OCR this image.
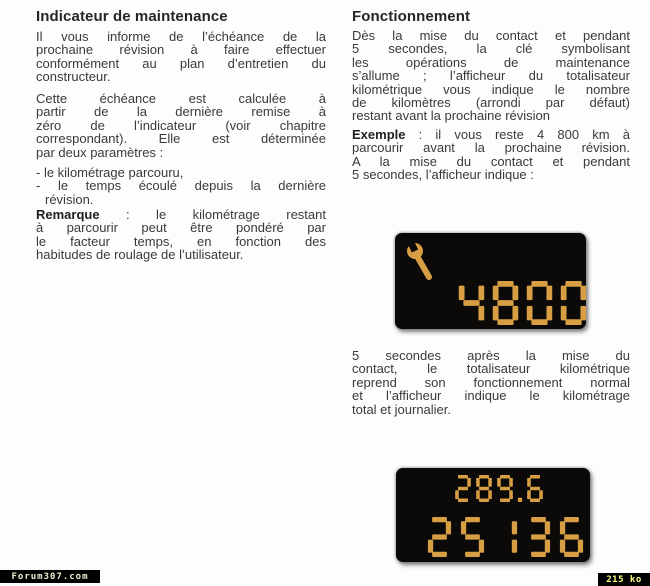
Indicateur de maintenance
Il vous informe de l’échéance de la
prochaine révision à faire effectuer
conformément au plan d’entretien du
constructeur.
Cette échéance est calculée à
partir de la dernière remise à
zéro de l’indicateur (voir chapitre
correspondant). Elle est déterminée
par deux paramètres :
- le kilométrage parcouru,
- le temps écoulé depuis la dernière
révision.
Remarque : le kilométrage restant
à parcourir peut être pondéré par
le facteur temps, en fonction des
habitudes de roulage de l’utilisateur.
Fonctionnement
Dès la mise du contact et pendant
5 secondes, la clé symbolisant
les opérations de maintenance
s’allume ; l’afficheur du totalisateur
kilométrique vous indique le nombre
de kilomètres (arrondi par défaut)
restant avant la prochaine révision
Exemple : il vous reste 4 800 km à
parcourir avant la prochaine révision.
A la mise du contact et pendant
5 secondes, l’afficheur indique :
5 secondes après la mise du
contact, le totalisateur kilométrique
reprend son fonctionnement normal
et l’afficheur indique le kilométrage
total et journalier.
Forum307.com	215 ko
